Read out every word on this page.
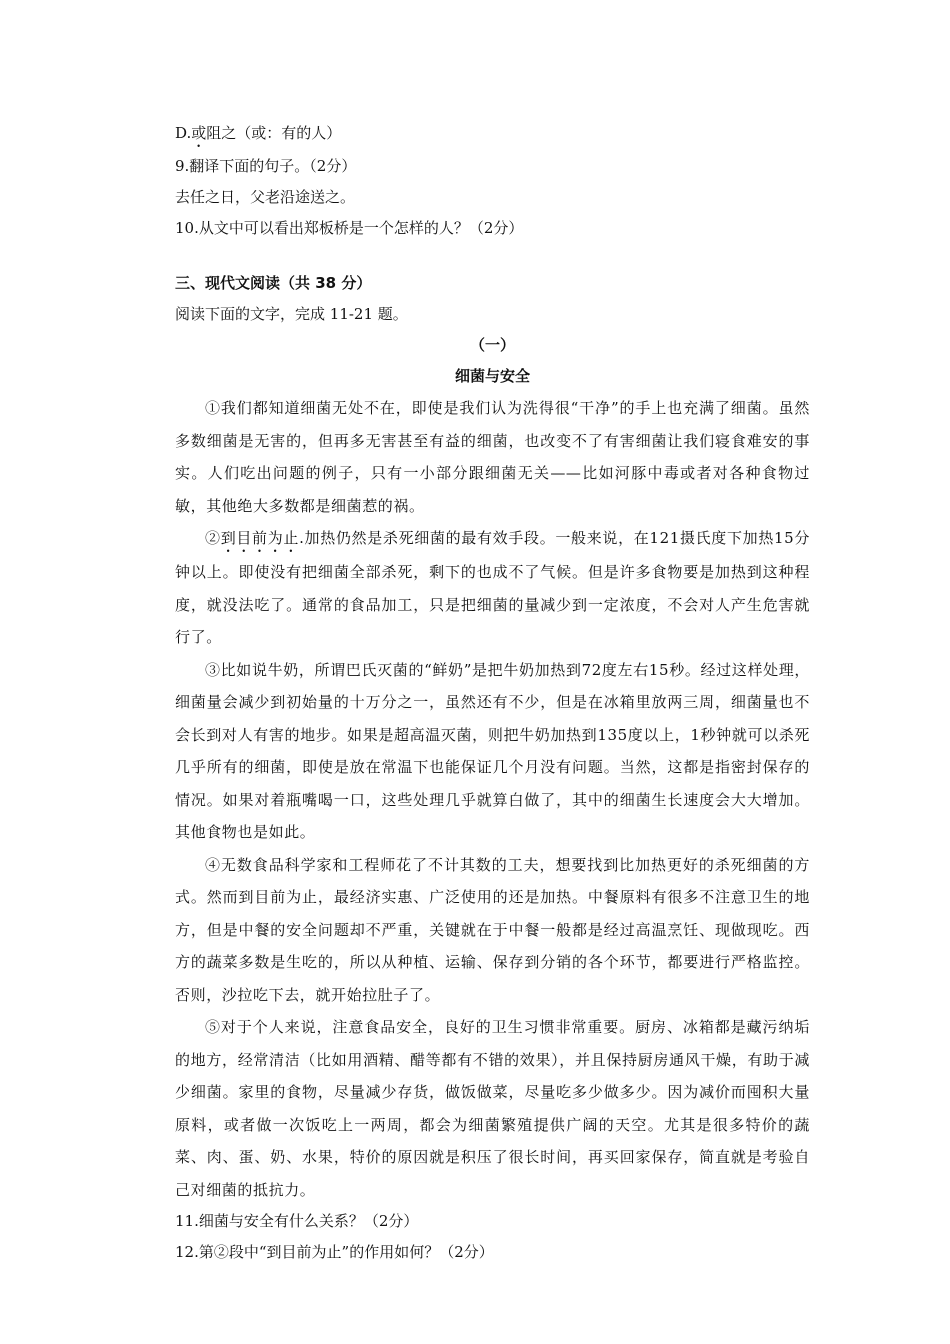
D.或阻之（或：有的人）
9.翻译下面的句子。（2分）
去任之日，父老沿途送之。
10.从文中可以看出郑板桥是一个怎样的人？（2分）
三、现代文阅读（共 38 分）
阅读下面的文字，完成 11-21 题。
（一）
细菌与安全

①我们都知道细菌无处不在，即使是我们认为洗得很“干净”的手上也充满了细菌。虽然多数细菌是无害的，但再多无害甚至有益的细菌，也改变不了有害细菌让我们寝食难安的事实。人们吃出问题的例子，只有一小部分跟细菌无关——比如河豚中毒或者对各种食物过敏，其他绝大多数都是细菌惹的祸。

②到目前为止.加热仍然是杀死细菌的最有效手段。一般来说，在121摄氏度下加热15分钟以上。即使没有把细菌全部杀死，剩下的也成不了气候。但是许多食物要是加热到这种程度，就没法吃了。通常的食品加工，只是把细菌的量减少到一定浓度，不会对人产生危害就行了。

③比如说牛奶，所谓巴氏灭菌的“鲜奶”是把牛奶加热到72度左右15秒。经过这样处理，细菌量会减少到初始量的十万分之一，虽然还有不少，但是在冰箱里放两三周，细菌量也不会长到对人有害的地步。如果是超高温灭菌，则把牛奶加热到135度以上，1秒钟就可以杀死几乎所有的细菌，即使是放在常温下也能保证几个月没有问题。当然，这都是指密封保存的情况。如果对着瓶嘴喝一口，这些处理几乎就算白做了，其中的细菌生长速度会大大增加。其他食物也是如此。

④无数食品科学家和工程师花了不计其数的工夫，想要找到比加热更好的杀死细菌的方式。然而到目前为止，最经济实惠、广泛使用的还是加热。中餐原料有很多不注意卫生的地方，但是中餐的安全问题却不严重，关键就在于中餐一般都是经过高温烹饪、现做现吃。西方的蔬菜多数是生吃的，所以从种植、运输、保存到分销的各个环节，都要进行严格监控。否则，沙拉吃下去，就开始拉肚子了。

⑤对于个人来说，注意食品安全，良好的卫生习惯非常重要。厨房、冰箱都是藏污纳垢的地方，经常清洁（比如用酒精、醋等都有不错的效果），并且保持厨房通风干燥，有助于减少细菌。家里的食物，尽量减少存货，做饭做菜，尽量吃多少做多少。因为减价而囤积大量原料，或者做一次饭吃上一两周，都会为细菌繁殖提供广阔的天空。尤其是很多特价的蔬菜、肉、蛋、奶、水果，特价的原因就是积压了很长时间，再买回家保存，简直就是考验自己对细菌的抵抗力。

11.细菌与安全有什么关系？（2分）
12.第②段中“到目前为止”的作用如何？（2分）
